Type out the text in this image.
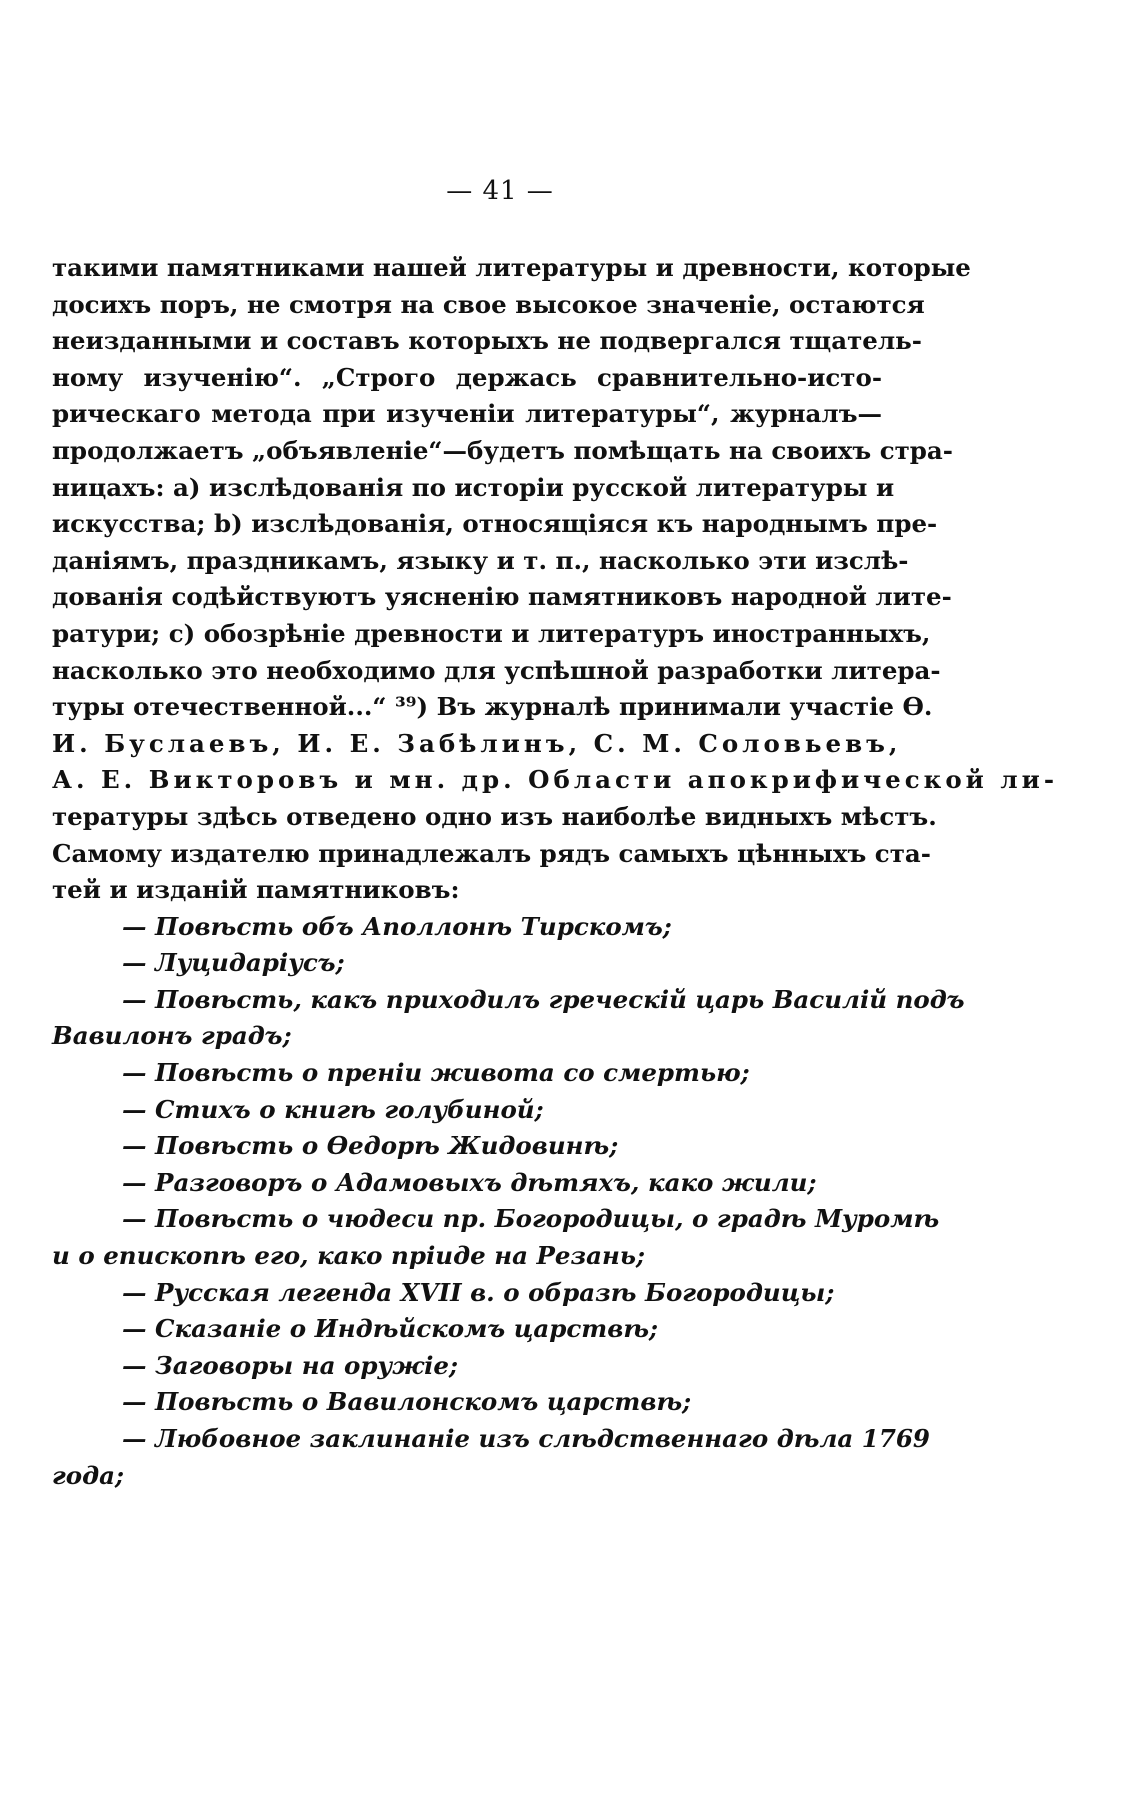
— 41 —
такими памятниками нашей литературы и древности, которые
досихъ поръ, не смотря на свое высокое значеніе, остаются
неизданными и составъ которыхъ не подвергался тщатель-
ному изученію“. „Строго держась сравнительно-исто-
рическаго метода при изученіи литературы“, журналъ—
продолжаетъ „объявленіе“—будетъ помѣщать на своихъ стра-
ницахъ: а) изслѣдованія по исторіи русской литературы и
искусства; b) изслѣдованія, относящіяся къ народнымъ пре-
даніямъ, праздникамъ, языку и т. п., насколько эти изслѣ-
дованія содѣйствуютъ уясненію памятниковъ народной лите-
ратури; с) обозрѣніе древности и литературъ иностранныхъ,
насколько это необходимо для успѣшной разработки литера-
туры отечественной...“ ³⁹) Въ журналѣ принимали участіе Ѳ.
И. Буслаевъ, И. Е. Забѣлинъ, С. М. Соловьевъ,
А. Е. Викторовъ и мн. др. Области апокрифической ли-
тературы здѣсь отведено одно изъ наиболѣе видныхъ мѣстъ.
Самому издателю принадлежалъ рядъ самыхъ цѣнныхъ ста-
тей и изданій памятниковъ:
— Повѣсть объ Аполлонѣ Тирскомъ;
— Луцидаріусъ;
— Повѣсть, какъ приходилъ греческій царь Василій подъ
Вавилонъ градъ;
— Повѣсть о преніи живота со смертью;
— Стихъ о книгѣ голубиной;
— Повѣсть о Ѳедорѣ Жидовинѣ;
— Разговоръ о Адамовыхъ дѣтяхъ, како жили;
— Повѣсть о чюдеси пр. Богородицы, о градѣ Муромѣ
и о епископѣ его, како пріиде на Резань;
— Русская легенда XVII в. о образѣ Богородицы;
— Сказаніе о Индѣйскомъ царствѣ;
— Заговоры на оружіе;
— Повѣсть о Вавилонскомъ царствѣ;
— Любовное заклинаніе изъ слѣдственнаго дѣла 1769
года;
